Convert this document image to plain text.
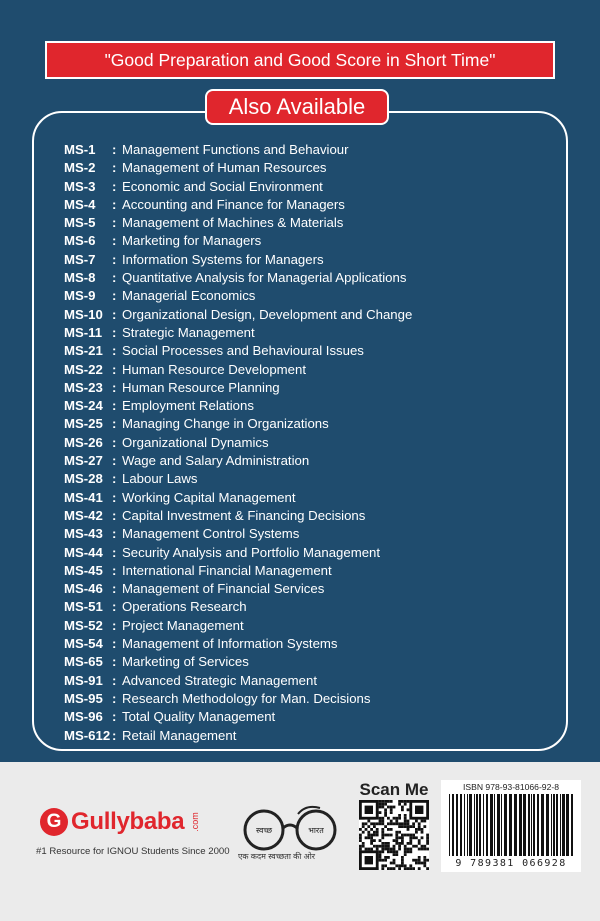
"Good Preparation and Good Score in Short Time"
Also Available
MS-1	: Management Functions and Behaviour
MS-2	: Management of Human Resources
MS-3	: Economic and Social Environment
MS-4	: Accounting and Finance for Managers
MS-5	: Management of Machines & Materials
MS-6	: Marketing for Managers
MS-7	: Information Systems for Managers
MS-8	: Quantitative Analysis for Managerial Applications
MS-9	: Managerial Economics
MS-10 : Organizational Design, Development and Change
MS-11 : Strategic Management
MS-21 : Social Processes and Behavioural Issues
MS-22 : Human Resource Development
MS-23 : Human Resource Planning
MS-24 : Employment Relations
MS-25 : Managing Change in Organizations
MS-26 : Organizational Dynamics
MS-27 : Wage and Salary Administration
MS-28 : Labour Laws
MS-41 : Working Capital Management
MS-42 : Capital Investment & Financing Decisions
MS-43 : Management Control Systems
MS-44 : Security Analysis and Portfolio Management
MS-45 : International Financial Management
MS-46 : Management of Financial Services
MS-51 : Operations Research
MS-52 : Project Management
MS-54 : Management of Information Systems
MS-65 : Marketing of Services
MS-91 : Advanced Strategic Management
MS-95 : Research Methodology for Man. Decisions
MS-96 : Total Quality Management
MS-612 : Retail Management
G Gullybaba .com
#1 Resource for IGNOU Students Since 2000
स्वच्छ	भारत
एक कदम स्वच्छता की ओर
Scan Me	ISBN 978-93-81066-92-8
9 789381 066928
